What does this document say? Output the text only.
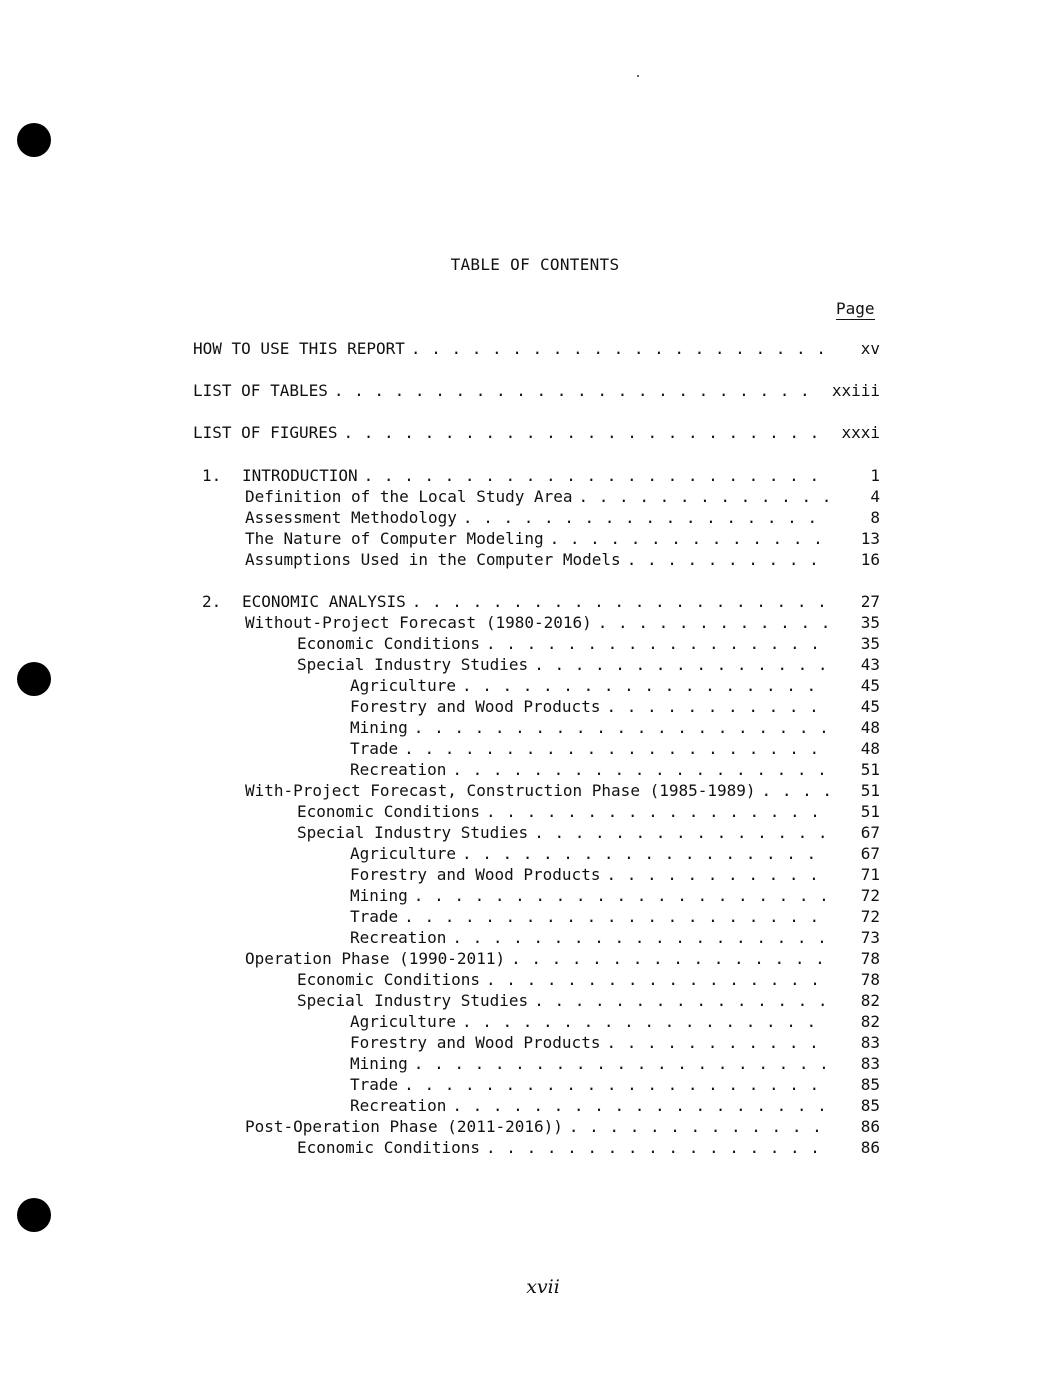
TABLE OF CONTENTS
Page
HOW TO USE THIS REPORT . . .	xv
LIST OF TABLES . . .	xxiii
LIST OF FIGURES . . .	xxxi
1.	INTRODUCTION . . .	1
Definition of the Local Study Area . . .	4
Assessment Methodology . . .	8
The Nature of Computer Modeling . . .	13
Assumptions Used in the Computer Models . . .	16
2.	ECONOMIC ANALYSIS . . .	27
Without-Project Forecast (1980-2016) . . .	35
Economic Conditions . . .	35
Special Industry Studies . . .	43
Agriculture . . .	45
Forestry and Wood Products . . .	45
Mining . . .	48
Trade . . .	48
Recreation . . .	51
With-Project Forecast, Construction Phase (1985-1989) . . .	51
Economic Conditions . . .	51
Special Industry Studies . . .	67
Agriculture . . .	67
Forestry and Wood Products . . .	71
Mining . . .	72
Trade . . .	72
Recreation . . .	73
Operation Phase (1990-2011) . . .	78
Economic Conditions . . .	78
Special Industry Studies . . .	82
Agriculture . . .	82
Forestry and Wood Products . . .	83
Mining . . .	83
Trade . . .	85
Recreation . . .	85
Post-Operation Phase (2011-2016)) . . .	86
Economic Conditions . . .	86
xvii
